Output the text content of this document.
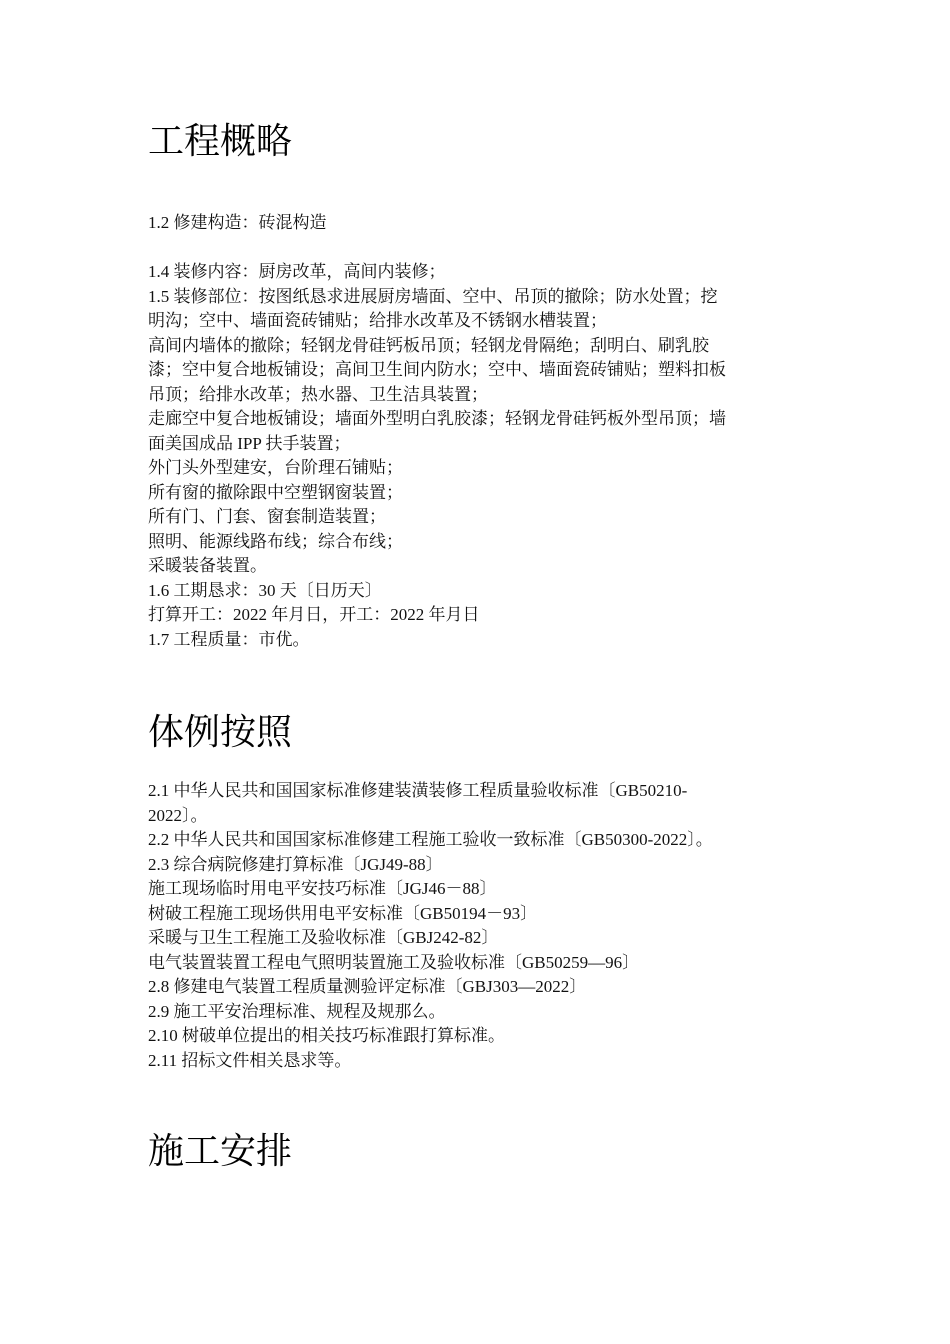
工程概略
1.2 修建构造：砖混构造
1.4 装修内容：厨房改革，高间内装修；
1.5 装修部位：按图纸恳求进展厨房墙面、空中、吊顶的撤除；防水处置；挖
明沟；空中、墙面瓷砖铺贴；给排水改革及不锈钢水槽装置；
高间内墙体的撤除；轻钢龙骨硅钙板吊顶；轻钢龙骨隔绝；刮明白、刷乳胶
漆；空中复合地板铺设；高间卫生间内防水；空中、墙面瓷砖铺贴；塑料扣板
吊顶；给排水改革；热水器、卫生洁具装置；
走廊空中复合地板铺设；墙面外型明白乳胶漆；轻钢龙骨硅钙板外型吊顶；墙
面美国成品 IPP 扶手装置；
外门头外型建安，台阶理石铺贴；
所有窗的撤除跟中空塑钢窗装置；
所有门、门套、窗套制造装置；
照明、能源线路布线；综合布线；
采暖装备装置。
1.6 工期恳求：30 天〔日历天〕
打算开工：2022 年月日，开工：2022 年月日
1.7 工程质量：市优。
体例按照
2.1 中华人民共和国国家标准修建装潢装修工程质量验收标准〔GB50210-
2022〕。
2.2 中华人民共和国国家标准修建工程施工验收一致标准〔GB50300-2022〕。
2.3 综合病院修建打算标准〔JGJ49-88〕
施工现场临时用电平安技巧标准〔JGJ46－88〕
树破工程施工现场供用电平安标准〔GB50194－93〕
采暖与卫生工程施工及验收标准〔GBJ242-82〕
电气装置装置工程电气照明装置施工及验收标准〔GB50259—96〕
2.8 修建电气装置工程质量测验评定标准〔GBJ303—2022〕
2.9 施工平安治理标准、规程及规那么。
2.10 树破单位提出的相关技巧标准跟打算标准。
2.11 招标文件相关恳求等。
施工安排
